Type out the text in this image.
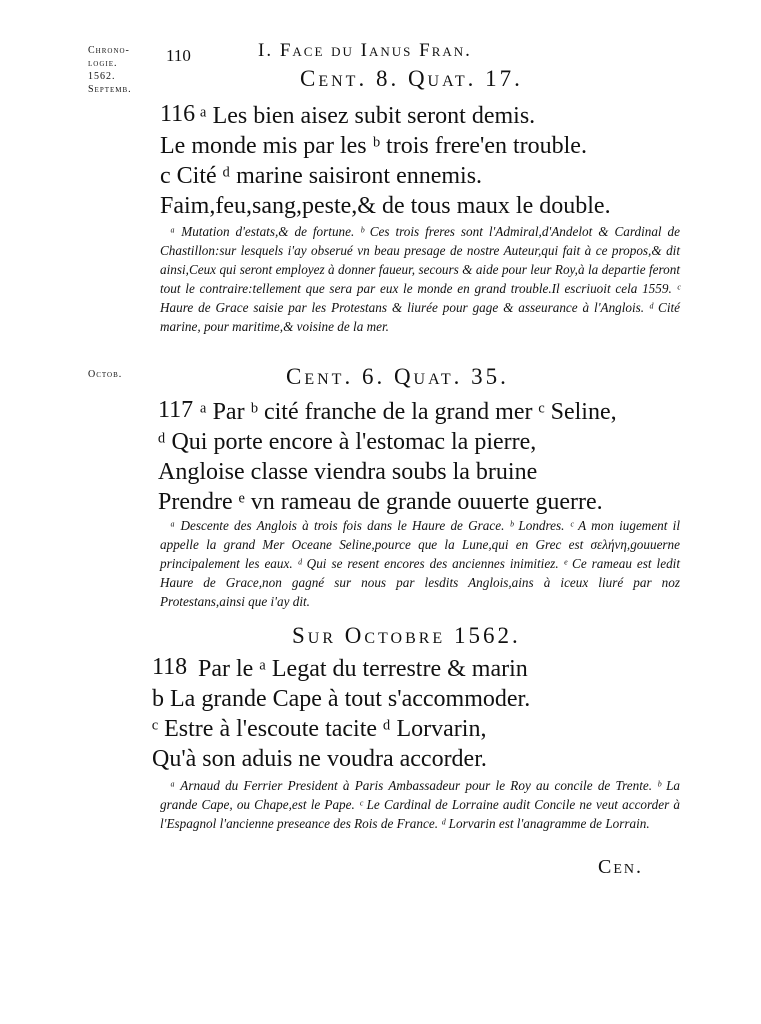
Chrono-
logie.
1562.
Septemb.
110	I. Face du Ianus Fran.
Cent. 8. Quat. 17.
116 ᵃ Les bien aisez subit seront demis.
Le monde mis par les ᵇ trois frere'en trouble.
c Cité ᵈ marine saisiront ennemis.
Faim,feu,sang,peste,& de tous maux le double.

ᵃ Mutation d'estats,& de fortune. ᵇ Ces trois freres sont l'Admiral,d'Andelot & Cardinal de Chastillon:sur lesquels i'ay obserué vn beau presage de nostre Auteur,qui fait à ce propos,& dit ainsi,Ceux qui seront employez à donner faueur, secours & aide pour leur Roy,à la departie feront tout le contraire:tellement que sera par eux le monde en grand trouble.Il escriuoit cela 1559. ᶜ Haure de Grace saisie par les Protestans & liurée pour gage & asseurance à l'Anglois. ᵈ Cité marine, pour maritime,& voisine de la mer.

Octob.	Cent. 6. Quat. 35.
117 ᵃ Par ᵇ cité franche de la grand mer ᶜ Seline,
ᵈ Qui porte encore à l'estomac la pierre,
Angloise classe viendra soubs la bruine
Prendre ᵉ vn rameau de grande ouuerte guerre.

ᵃ Descente des Anglois à trois fois dans le Haure de Grace. ᵇ Londres. ᶜ A mon iugement il appelle la grand Mer Oceane Seline,pource que la Lune,qui en Grec est σελήνη,gouuerne principalement les eaux. ᵈ Qui se resent encores des anciennes inimitiez. ᵉ Ce rameau est ledit Haure de Grace,non gagné sur nous par lesdits Anglois,ains à iceux liuré par noz Protestans,ainsi que i'ay dit.

Sur Octobre 1562.
118 Par le ᵃ Legat du terrestre & marin
b La grande Cape à tout s'accommoder.
ᶜ Estre à l'escoute tacite ᵈ Lorvarin,
Qu'à son aduis ne voudra accorder.

ᵃ Arnaud du Ferrier President à Paris Ambassadeur pour le Roy au concile de Trente. ᵇ La grande Cape, ou Chape,est le Pape. ᶜ Le Cardinal de Lorraine audit Concile ne veut accorder à l'Espagnol l'ancienne preseance des Rois de France. ᵈ Lorvarin est l'anagramme de Lorrain.

Cen.
